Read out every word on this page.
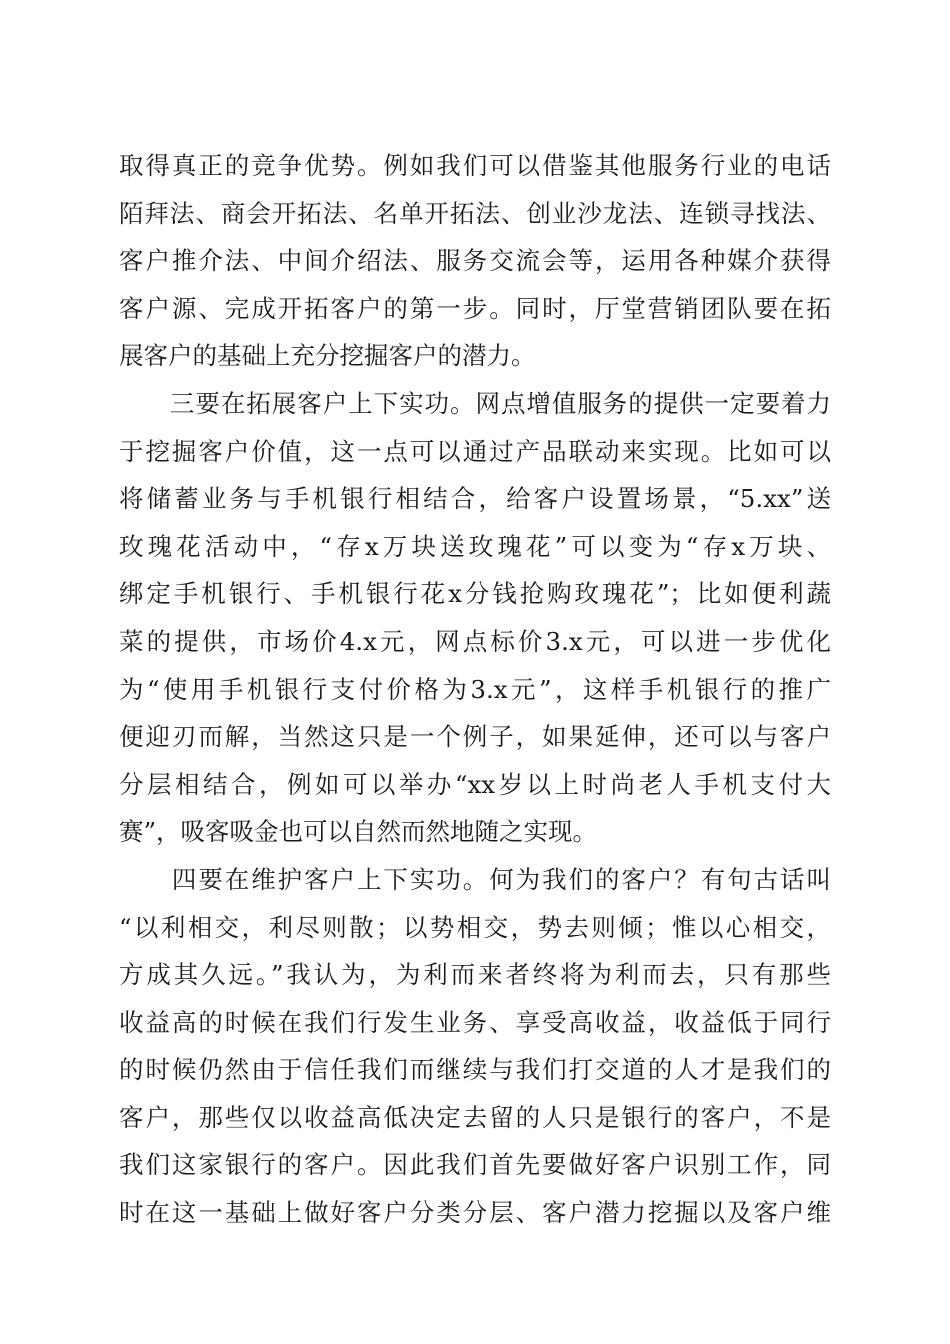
取得真正的竞争优势。例如我们可以借鉴其他服务行业的电话
陌拜法、商会开拓法、名单开拓法、创业沙龙法、连锁寻找法、
客户推介法、中间介绍法、服务交流会等，运用各种媒介获得
客户源、完成开拓客户的第一步。同时，厅堂营销团队要在拓
展客户的基础上充分挖掘客户的潜力。
　　三要在拓展客户上下实功。网点增值服务的提供一定要着力
于挖掘客户价值，这一点可以通过产品联动来实现。比如可以
将储蓄业务与手机银行相结合，给客户设置场景，“5.xx”送
玫瑰花活动中，“存x万块送玫瑰花”可以变为“存x万块、
绑定手机银行、手机银行花x分钱抢购玫瑰花”；比如便利蔬
菜的提供，市场价4.x元，网点标价3.x元，可以进一步优化
为“使用手机银行支付价格为3.x元”，这样手机银行的推广
便迎刃而解，当然这只是一个例子，如果延伸，还可以与客户
分层相结合，例如可以举办“xx岁以上时尚老人手机支付大
赛”，吸客吸金也可以自然而然地随之实现。
　　四要在维护客户上下实功。何为我们的客户？有句古话叫
“以利相交，利尽则散；以势相交，势去则倾；惟以心相交，
方成其久远。”我认为，为利而来者终将为利而去，只有那些
收益高的时候在我们行发生业务、享受高收益，收益低于同行
的时候仍然由于信任我们而继续与我们打交道的人才是我们的
客户，那些仅以收益高低决定去留的人只是银行的客户，不是
我们这家银行的客户。因此我们首先要做好客户识别工作，同
时在这一基础上做好客户分类分层、客户潜力挖掘以及客户维
